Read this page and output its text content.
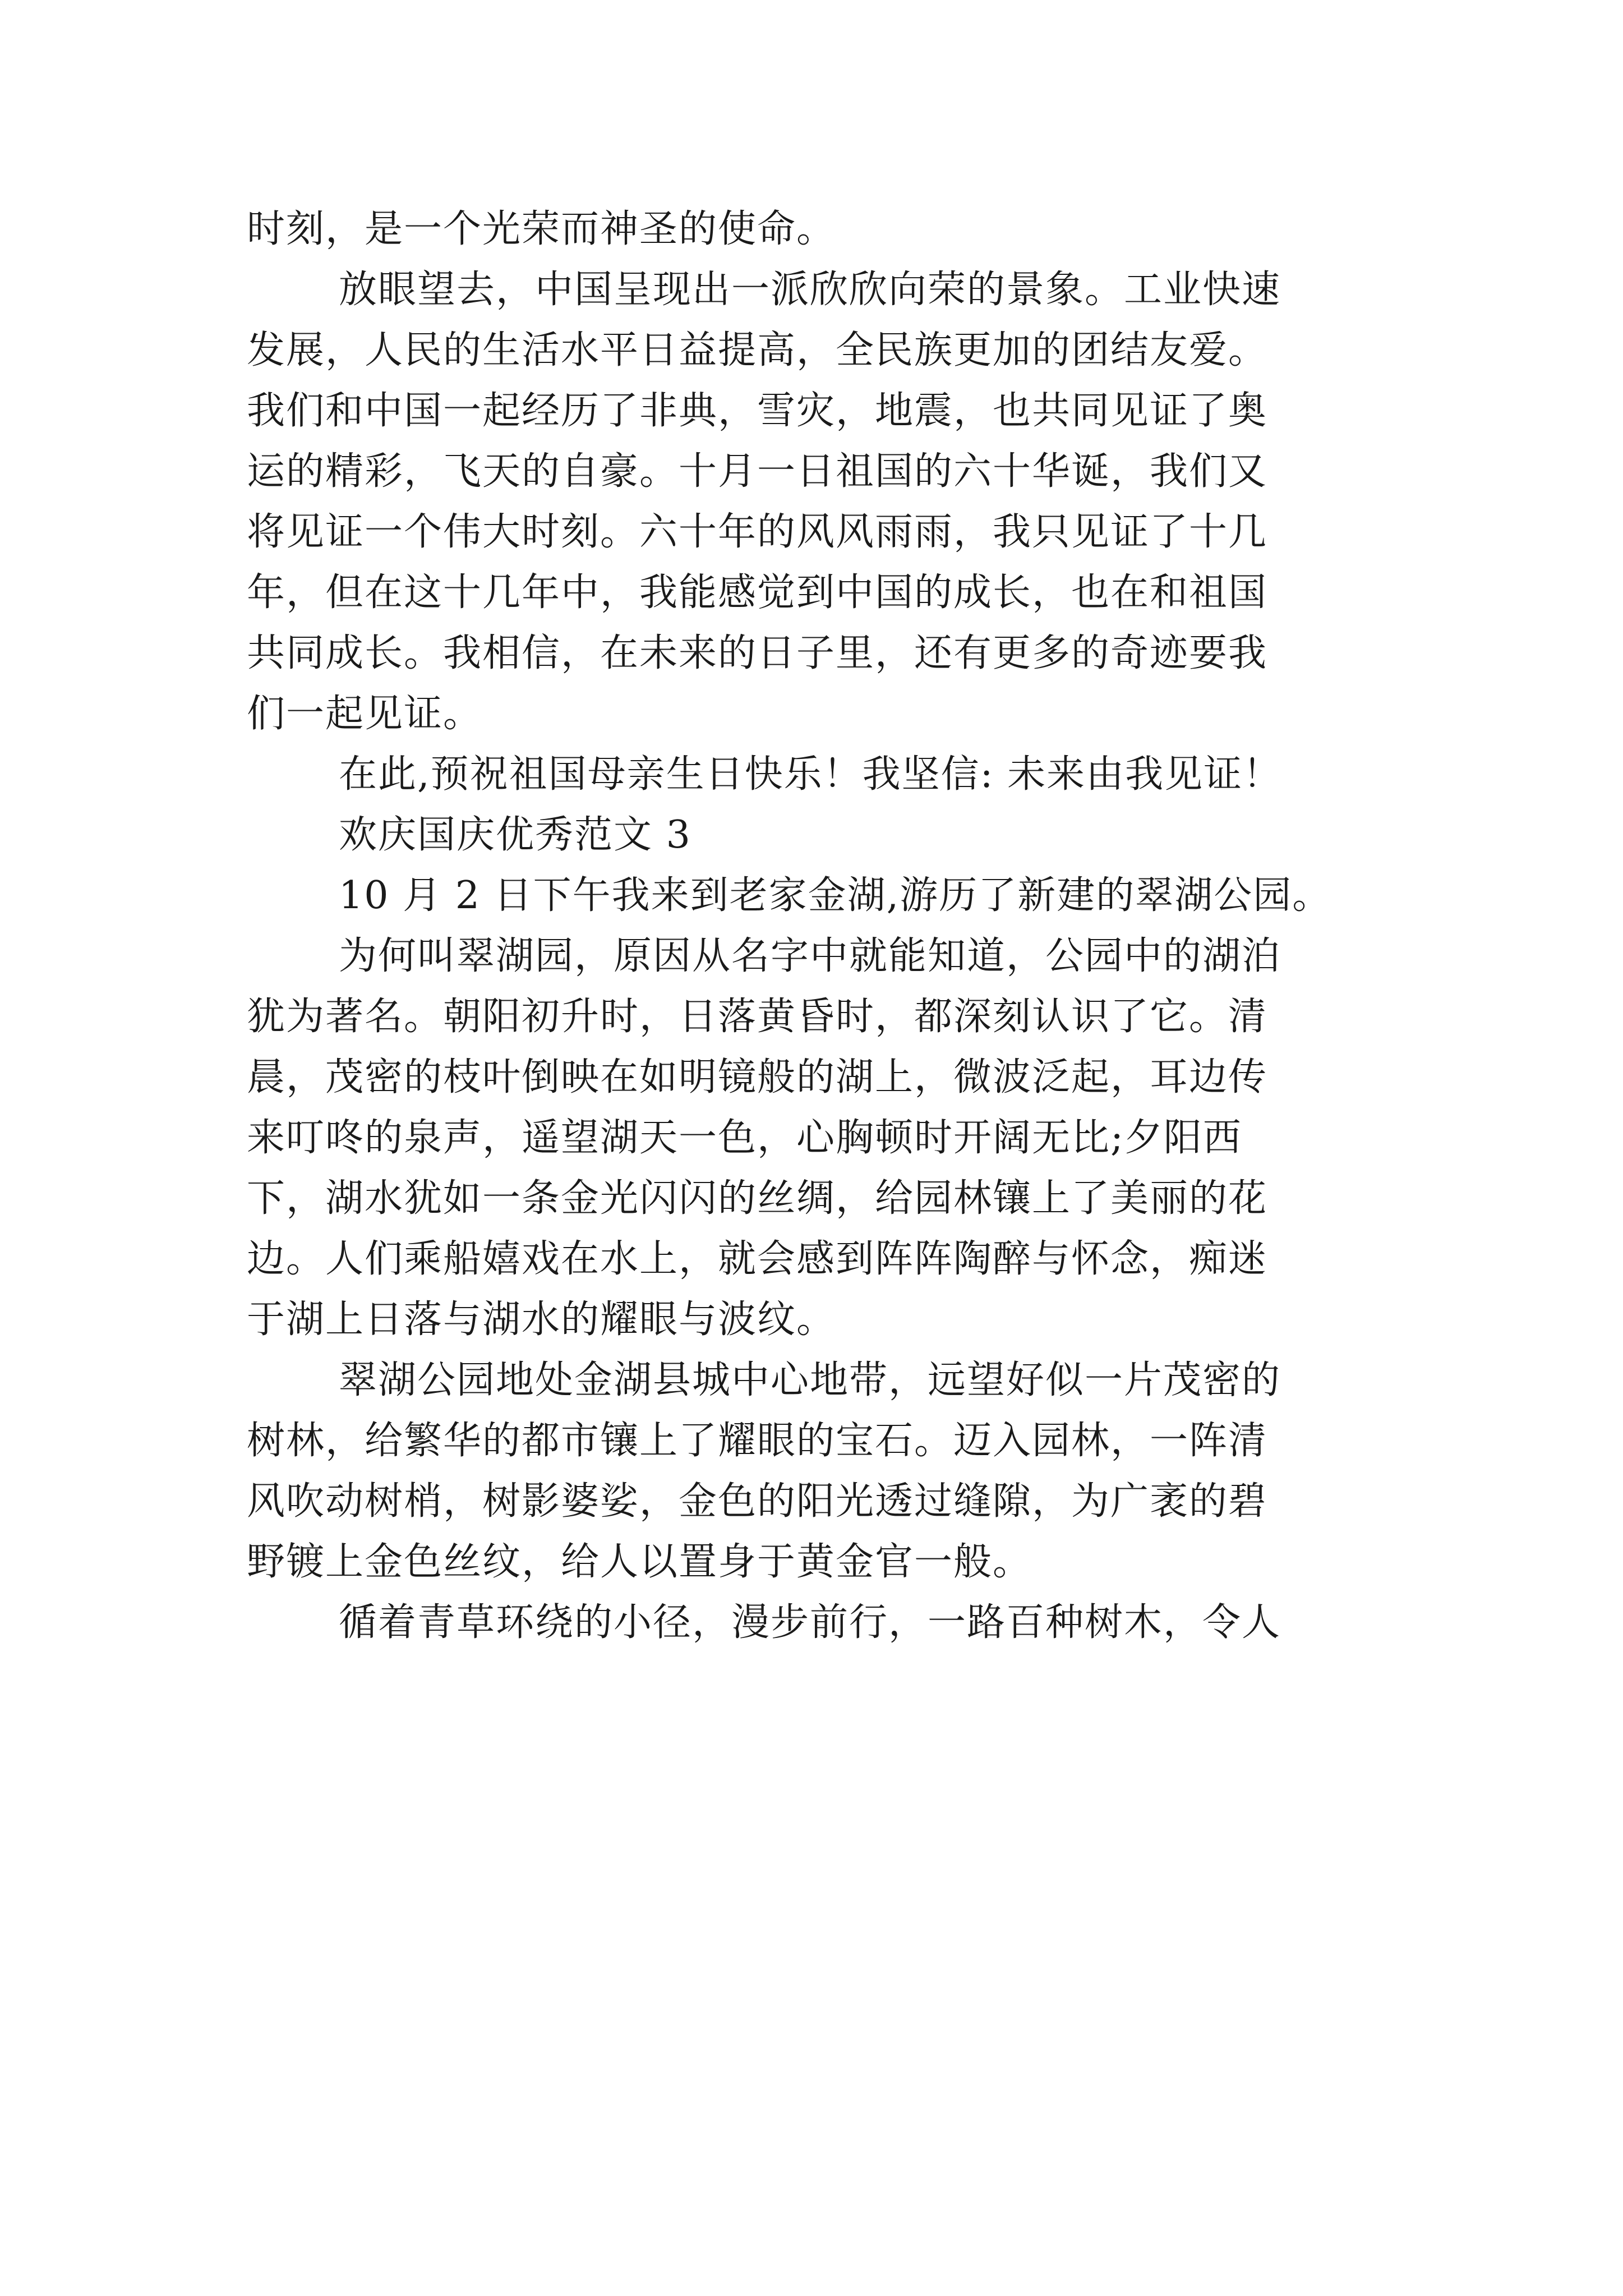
时刻，是一个光荣而神圣的使命。
放眼望去，中国呈现出一派欣欣向荣的景象。工业快速
发展，人民的生活水平日益提高，全民族更加的团结友爱。
我们和中国一起经历了非典，雪灾，地震，也共同见证了奥
运的精彩，飞天的自豪。十月一日祖国的六十华诞，我们又
将见证一个伟大时刻。六十年的风风雨雨，我只见证了十几
年，但在这十几年中，我能感觉到中国的成长，也在和祖国
共同成长。我相信，在未来的日子里，还有更多的奇迹要我
们一起见证。
在此,预祝祖国母亲生日快乐！我坚信: 未来由我见证！
欢庆国庆优秀范文 3
10 月 2 日下午我来到老家金湖,游历了新建的翠湖公园。
为何叫翠湖园，原因从名字中就能知道，公园中的湖泊
犹为著名。朝阳初升时，日落黄昏时，都深刻认识了它。清
晨，茂密的枝叶倒映在如明镜般的湖上，微波泛起，耳边传
来叮咚的泉声，遥望湖天一色，心胸顿时开阔无比;夕阳西
下，湖水犹如一条金光闪闪的丝绸，给园林镶上了美丽的花
边。人们乘船嬉戏在水上，就会感到阵阵陶醉与怀念，痴迷
于湖上日落与湖水的耀眼与波纹。
翠湖公园地处金湖县城中心地带，远望好似一片茂密的
树林，给繁华的都市镶上了耀眼的宝石。迈入园林，一阵清
风吹动树梢，树影婆娑，金色的阳光透过缝隙，为广袤的碧
野镀上金色丝纹，给人以置身于黄金官一般。
循着青草环绕的小径，漫步前行，一路百种树木，令人
